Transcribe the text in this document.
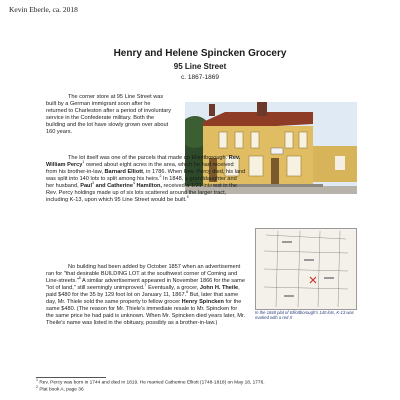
Kevin Eberle, ca. 2018
Henry and Helene Spincken Grocery
95 Line Street
c. 1867-1869

The corner store at 95 Line Street was built by a German immigrant soon after he returned to Charleston after a period of involuntary service in the Confederate military. Both the building and the lot have slowly grown over about 160 years.

The lot itself was one of the parcels that made up Elliottborough. Rev. William Percy$^1$ owned about eight acres in the area, which he had received from his brother-in-law, Barnard Elliott, in 1786. When Rev. Percy died, his land was split into 140 lots to split among his heirs.$^2$ In 1848, a granddaughter and her husband, Paul$^3$ and Catherine$^4$ Hamilton, received a 1/21 interest in the Rev. Percy holdings made up of six lots scattered around the larger tract, including K-13, upon which 95 Line Street would be built.$^5$

No building had been added by October 1857 when an advertisement ran for "that desirable BUILDING LOT at the southwest corner of Coming and Line-streets."$^6$ A similar advertisement appeared in November 1866 for the same "lot of land," still seemingly unimproved.$^7$ Eventually, a grocer, John H. Theile, paid $480 for the 35 by 129 foot lot on January 11, 1867.$^8$ But, later that same day, Mr. Thiele sold the same property to fellow grocer Henry Spincken for the same $480. (The reason for Mr. Thiele's immediate resale to Mr. Spincken for the same price he had paid is unknown. When Mr. Spincken died years later, Mr. Theile's name was listed in the obituary, possibly as a brother-in-law.)

In the 1848 plat of Elliottborough's 140 lots, K-13 was marked with a red X
$^1$ Rev. Percy was born in 1744 and died in 1819. He married Catherine Elliott (1748-1818) on May 18, 1776.
$^2$ Plat book A, page 36
